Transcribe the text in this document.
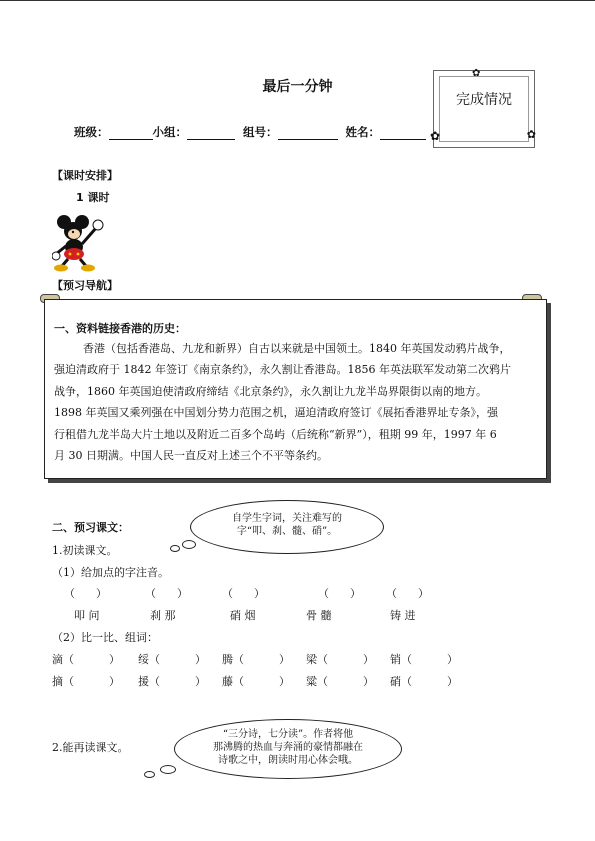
最后一分钟
完成情况
✿
✿	✿
班级：	小组：	组号：	姓名：
【课时安排】
1 课时
【预习导航】
一、资料链接香港的历史：
香港（包括香港岛、九龙和新界）自古以来就是中国领土。1840 年英国发动鸦片战争，
强迫清政府于 1842 年签订《南京条约》，永久割让香港岛。1856 年英法联军发动第二次鸦片
战争，1860 年英国迫使清政府缔结《北京条约》，永久割让九龙半岛界限街以南的地方。
1898 年英国又乘列强在中国划分势力范围之机，逼迫清政府签订《展拓香港界址专条》，强
行租借九龙半岛大片土地以及附近二百多个岛屿（后统称“新界”），租期 99 年，1997 年 6
月 30 日期满。中国人民一直反对上述三个不平等条约。
二、预习课文：
自学生字词，关注难写的
字“叩、刹、髓、硝”。
1.初读课文。
（1）给加点的字注音。
（      ）	（      ）	（      ）	（      ） （      ）
叩 问	刹 那	硝 烟	骨 髓	铸 进
（2）比一比、组词：
滴（          ） 绥（          ） 腾（          ） 梁（          ） 销（          ）
摘（          ） 援（          ） 藤（          ） 粱（          ） 硝（          ）
“三分诗，七分读”。作者将他
那沸腾的热血与奔涌的豪情都融在
诗歌之中，朗读时用心体会哦。
2.能再读课文。
